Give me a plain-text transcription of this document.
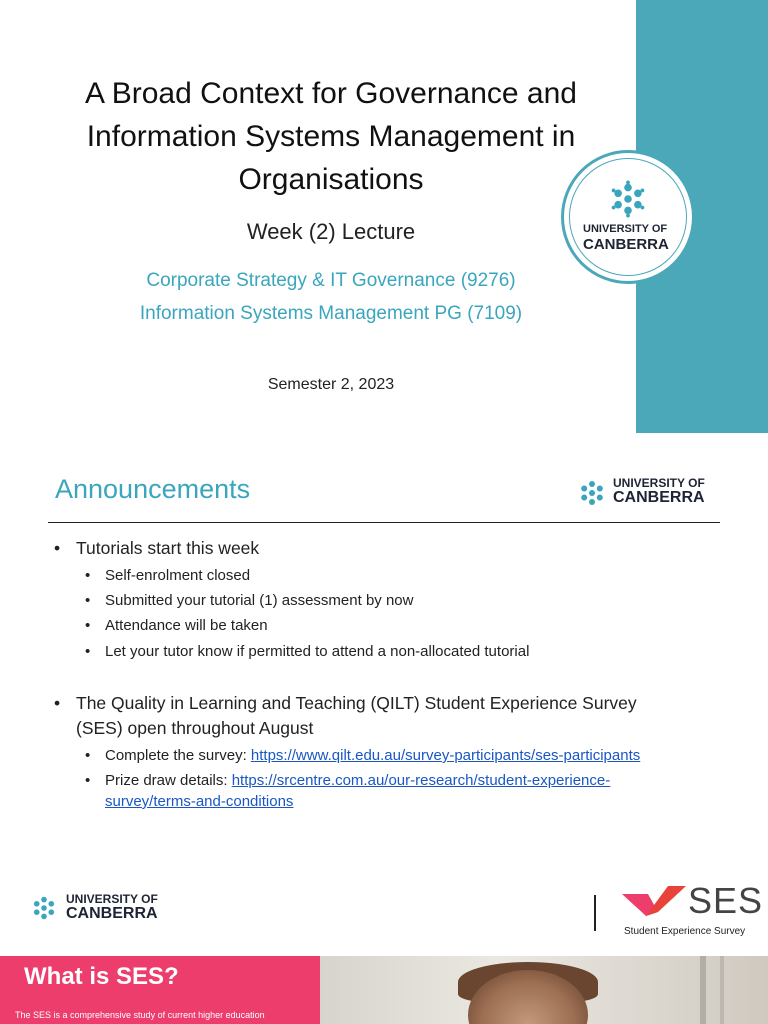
UNIVERSITY OF
CANBERRA
A Broad Context for Governance and
Information Systems Management in
Organisations
Week (2) Lecture
Corporate Strategy & IT Governance (9276)
Information Systems Management PG (7109)
Semester 2, 2023
Announcements	UNIVERSITY OF
CANBERRA
• Tutorials start this week
• Self-enrolment closed
• Submitted your tutorial (1) assessment by now
• Attendance will be taken
• Let your tutor know if permitted to attend a non-allocated tutorial
• The Quality in Learning and Teaching (QILT) Student Experience Survey
(SES) open throughout August
• Complete the survey: https://www.qilt.edu.au/survey-participants/ses-participants
• Prize draw details: https://srcentre.com.au/our-research/student-experience-
survey/terms-and-conditions
UNIVERSITY OF
CANBERRA	SES
Student Experience Survey
What is SES?
The SES is a comprehensive study of current higher education
